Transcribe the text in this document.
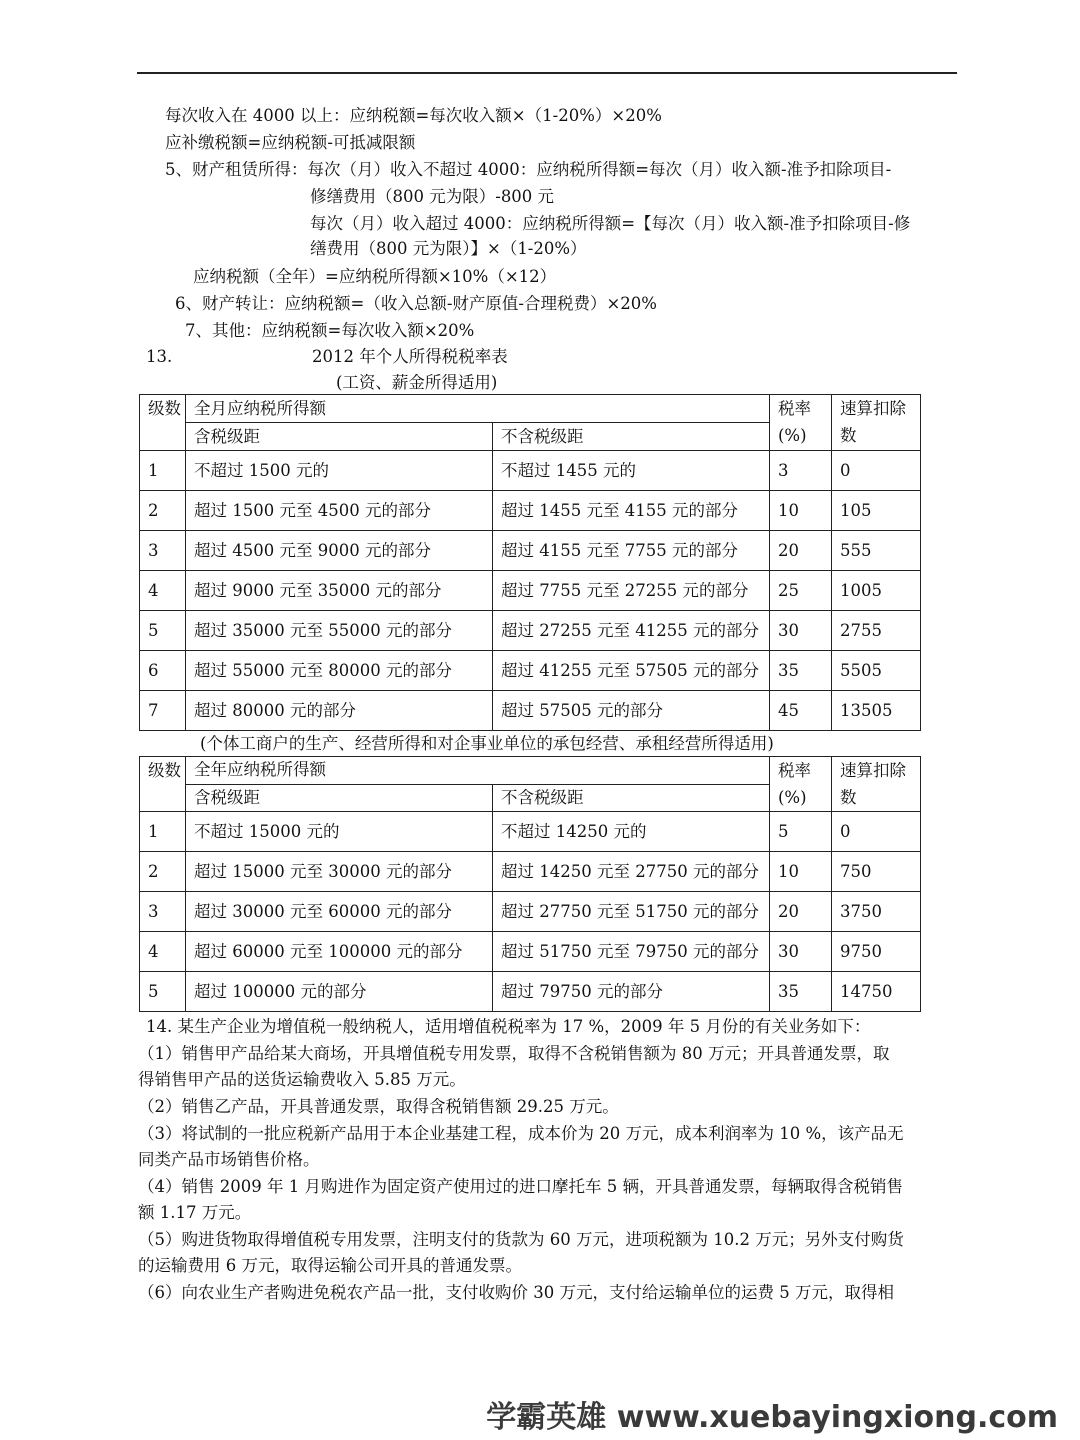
每次收入在 4000 以上：应纳税额=每次收入额×（1-20%）×20%
应补缴税额=应纳税额-可抵减限额
5、财产租赁所得：每次（月）收入不超过 4000：应纳税所得额=每次（月）收入额-准予扣除项目-
修缮费用（800 元为限）-800 元
每次（月）收入超过 4000：应纳税所得额=【每次（月）收入额-准予扣除项目-修
缮费用（800 元为限）】×（1-20%）
应纳税额（全年）=应纳税所得额×10%（×12）
6、财产转让：应纳税额=（收入总额-财产原值-合理税费）×20%
7、其他：应纳税额=每次收入额×20%
13.	2012 年个人所得税税率表
(工资、薪金所得适用)
级数	全月应纳税所得额		税率(%)	速算扣除数
	含税级距	不含税级距		
1	不超过 1500 元的	不超过 1455 元的	3	0
2	超过 1500 元至 4500 元的部分	超过 1455 元至 4155 元的部分	10	105
3	超过 4500 元至 9000 元的部分	超过 4155 元至 7755 元的部分	20	555
4	超过 9000 元至 35000 元的部分	超过 7755 元至 27255 元的部分	25	1005
5	超过 35000 元至 55000 元的部分	超过 27255 元至 41255 元的部分	30	2755
6	超过 55000 元至 80000 元的部分	超过 41255 元至 57505 元的部分	35	5505
7	超过 80000 元的部分	超过 57505 元的部分	45	13505
(个体工商户的生产、经营所得和对企事业单位的承包经营、承租经营所得适用)
级数	全年应纳税所得额		税率(%)	速算扣除数
	含税级距	不含税级距		
1	不超过 15000 元的	不超过 14250 元的	5	0
2	超过 15000 元至 30000 元的部分	超过 14250 元至 27750 元的部分	10	750
3	超过 30000 元至 60000 元的部分	超过 27750 元至 51750 元的部分	20	3750
4	超过 60000 元至 100000 元的部分	超过 51750 元至 79750 元的部分	30	9750
5	超过 100000 元的部分	超过 79750 元的部分	35	14750
14. 某生产企业为增值税一般纳税人，适用增值税税率为 17 %，2009 年 5 月份的有关业务如下：
（1）销售甲产品给某大商场，开具增值税专用发票，取得不含税销售额为 80 万元；开具普通发票，取
得销售甲产品的送货运输费收入 5.85 万元。
（2）销售乙产品，开具普通发票，取得含税销售额 29.25 万元。
（3）将试制的一批应税新产品用于本企业基建工程，成本价为 20 万元，成本利润率为 10 %，该产品无
同类产品市场销售价格。
（4）销售 2009 年 1 月购进作为固定资产使用过的进口摩托车 5 辆，开具普通发票，每辆取得含税销售
额 1.17 万元。
（5）购进货物取得增值税专用发票，注明支付的货款为 60 万元，进项税额为 10.2 万元；另外支付购货
的运输费用 6 万元，取得运输公司开具的普通发票。
（6）向农业生产者购进免税农产品一批，支付收购价 30 万元，支付给运输单位的运费 5 万元，取得相
学霸英雄 www.xuebayingxiong.com
